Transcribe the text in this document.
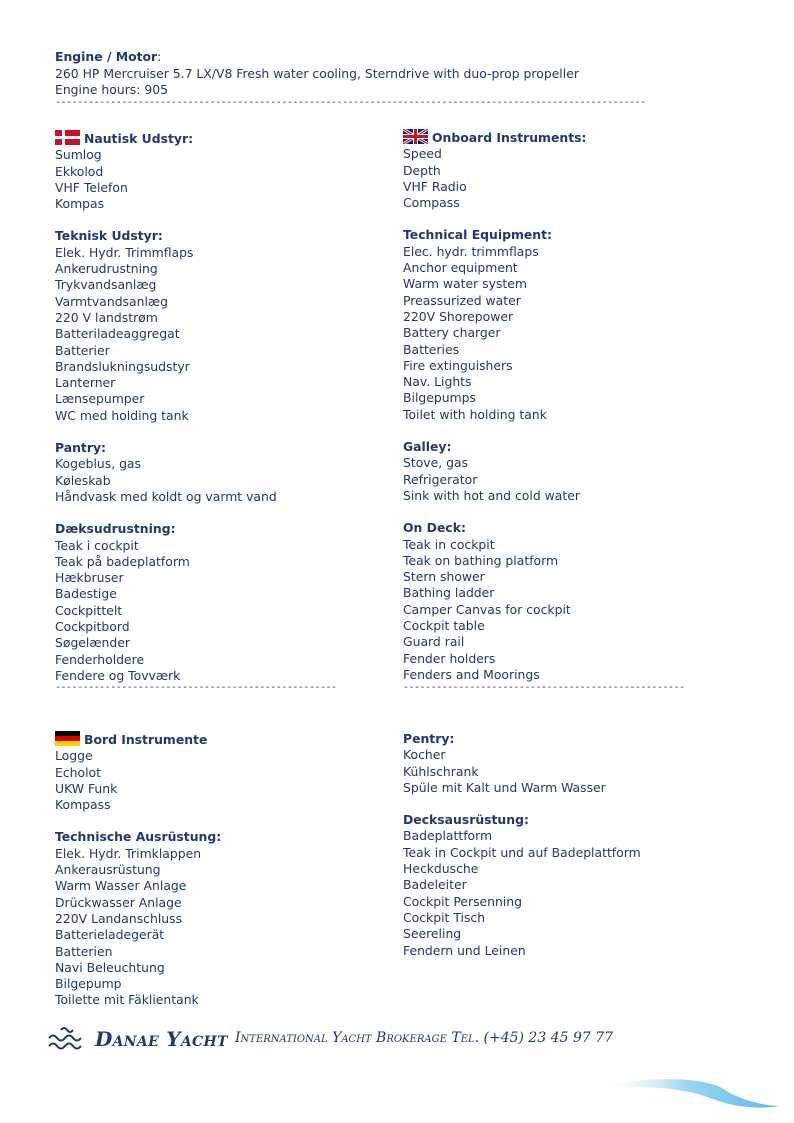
Engine / Motor:
260 HP Mercruiser 5.7 LX/V8 Fresh water cooling, Sterndrive with duo-prop propeller
Engine hours: 905
-----------------------------------------------------------------------------------------------------------
Nautisk Udstyr:
Sumlog
Ekkolod
VHF Telefon
Kompas
Teknisk Udstyr:
Elek. Hydr. Trimmflaps
Ankerudrustning
Trykvandsanlæg
Varmtvandsanlæg
220 V landstrøm
Batteriladeaggregat
Batterier
Brandslukningsudstyr
Lanterner
Lænsepumper
WC med holding tank
Pantry:
Kogeblus, gas
Køleskab
Håndvask med koldt og varmt vand
Dæksudrustning:
Teak i cockpit
Teak på badeplatform
Hækbruser
Badestige
Cockpittelt
Cockpitbord
Søgelænder
Fenderholdere
Fendere og Tovværk
Onboard Instruments:
Speed
Depth
VHF Radio
Compass
Technical Equipment:
Elec. hydr. trimmflaps
Anchor equipment
Warm water system
Preassurized water
220V Shorepower
Battery charger
Batteries
Fire extinguishers
Nav. Lights
Bilgepumps
Toilet with holding tank
Galley:
Stove, gas
Refrigerator
Sink with hot and cold water
On Deck:
Teak in cockpit
Teak on bathing platform
Stern shower
Bathing ladder
Camper Canvas for cockpit
Cockpit table
Guard rail
Fender holders
Fenders and Moorings
---------------------------------------------------	---------------------------------------------------
Bord Instrumente
Logge
Echolot
UKW Funk
Kompass
Technische Ausrüstung:
Elek. Hydr. Trimklappen
Ankerausrüstung
Warm Wasser Anlage
Drückwasser Anlage
220V Landanschluss
Batterieladegerät
Batterien
Navi Beleuchtung
Bilgepump
Toilette mit Fäklientank
Pentry:
Kocher
Kühlschrank
Spüle mit Kalt und Warm Wasser
Decksausrüstung:
Badeplattform
Teak in Cockpit und auf Badeplattform
Heckdusche
Badeleiter
Cockpit Persenning
Cockpit Tisch
Seereling
Fendern und Leinen
Danae Yacht International Yacht Brokerage Tel. (+45) 23 45 97 77
